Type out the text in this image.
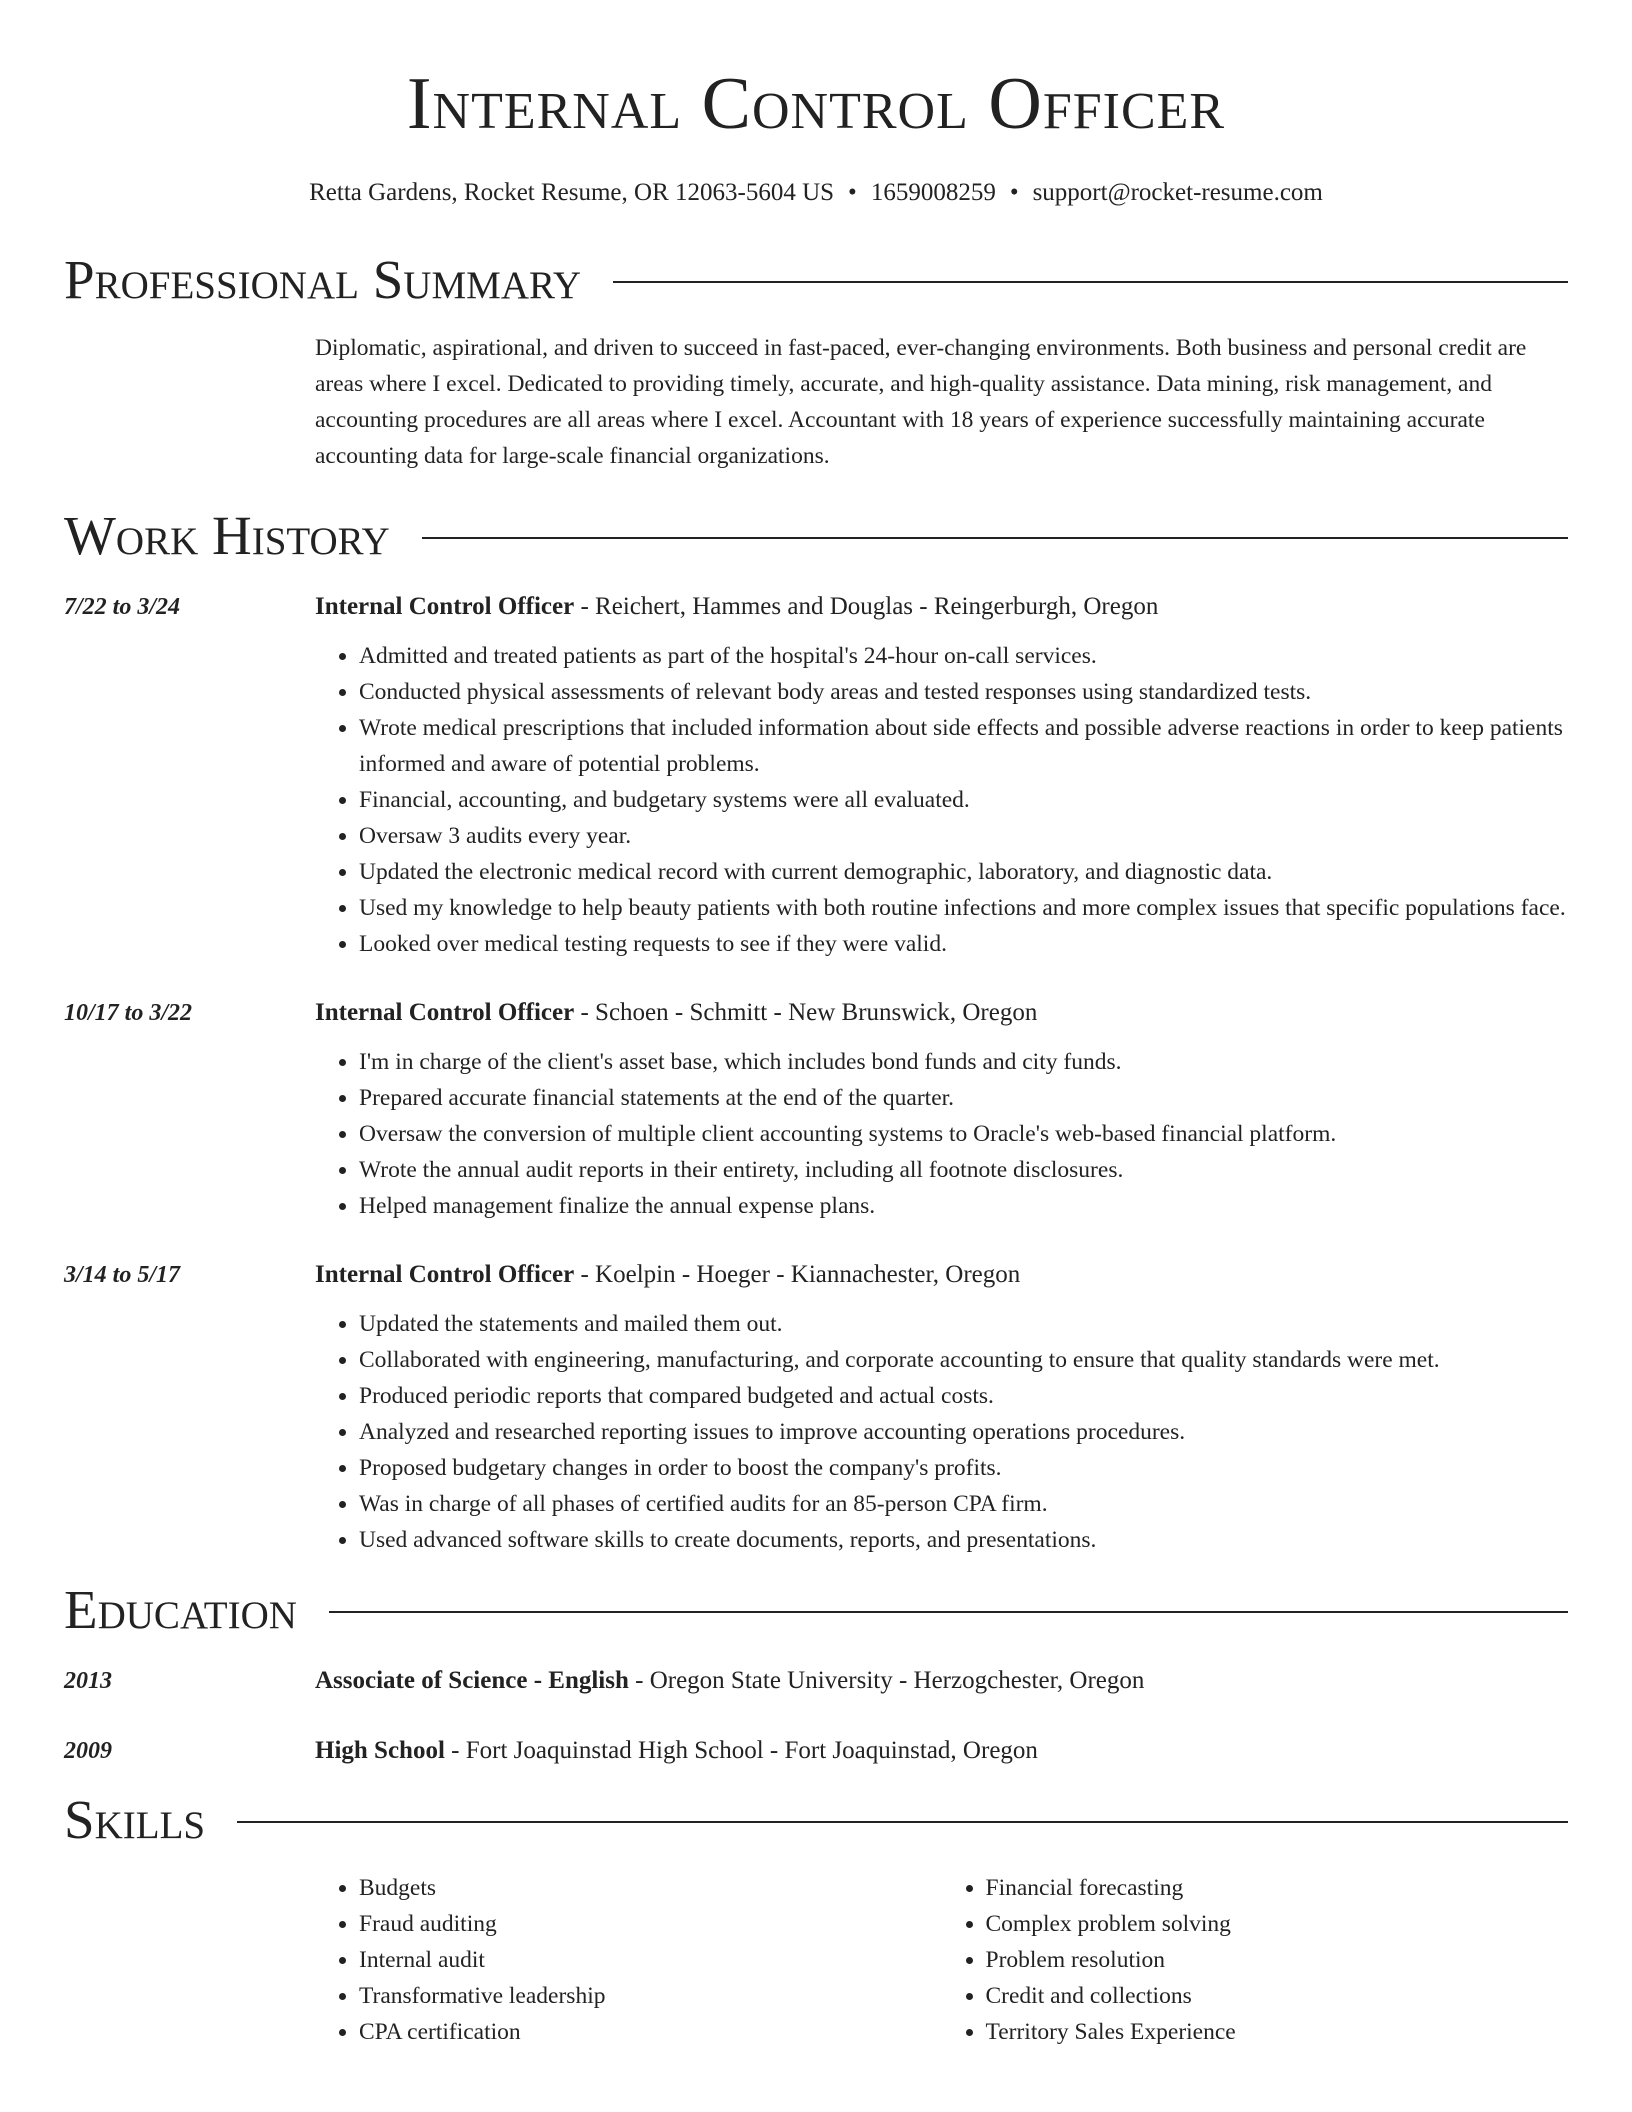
Internal Control Officer
Retta Gardens, Rocket Resume, OR 12063-5604 US • 1659008259 • support@rocket-resume.com
Professional Summary
Diplomatic, aspirational, and driven to succeed in fast-paced, ever-changing environments. Both business and personal credit are areas where I excel. Dedicated to providing timely, accurate, and high-quality assistance. Data mining, risk management, and accounting procedures are all areas where I excel. Accountant with 18 years of experience successfully maintaining accurate accounting data for large-scale financial organizations.
Work History
7/22 to 3/24	Internal Control Officer - Reichert, Hammes and Douglas - Reingerburgh, Oregon
• Admitted and treated patients as part of the hospital's 24-hour on-call services.
• Conducted physical assessments of relevant body areas and tested responses using standardized tests.
• Wrote medical prescriptions that included information about side effects and possible adverse reactions in order to keep patients informed and aware of potential problems.
• Financial, accounting, and budgetary systems were all evaluated.
• Oversaw 3 audits every year.
• Updated the electronic medical record with current demographic, laboratory, and diagnostic data.
• Used my knowledge to help beauty patients with both routine infections and more complex issues that specific populations face.
• Looked over medical testing requests to see if they were valid.
10/17 to 3/22	Internal Control Officer - Schoen - Schmitt - New Brunswick, Oregon
• I'm in charge of the client's asset base, which includes bond funds and city funds.
• Prepared accurate financial statements at the end of the quarter.
• Oversaw the conversion of multiple client accounting systems to Oracle's web-based financial platform.
• Wrote the annual audit reports in their entirety, including all footnote disclosures.
• Helped management finalize the annual expense plans.
3/14 to 5/17	Internal Control Officer - Koelpin - Hoeger - Kiannachester, Oregon
• Updated the statements and mailed them out.
• Collaborated with engineering, manufacturing, and corporate accounting to ensure that quality standards were met.
• Produced periodic reports that compared budgeted and actual costs.
• Analyzed and researched reporting issues to improve accounting operations procedures.
• Proposed budgetary changes in order to boost the company's profits.
• Was in charge of all phases of certified audits for an 85-person CPA firm.
• Used advanced software skills to create documents, reports, and presentations.
Education
2013	Associate of Science - English - Oregon State University - Herzogchester, Oregon
2009	High School - Fort Joaquinstad High School - Fort Joaquinstad, Oregon
Skills
• Budgets
• Fraud auditing
• Internal audit
• Transformative leadership
• CPA certification
• Financial forecasting
• Complex problem solving
• Problem resolution
• Credit and collections
• Territory Sales Experience
